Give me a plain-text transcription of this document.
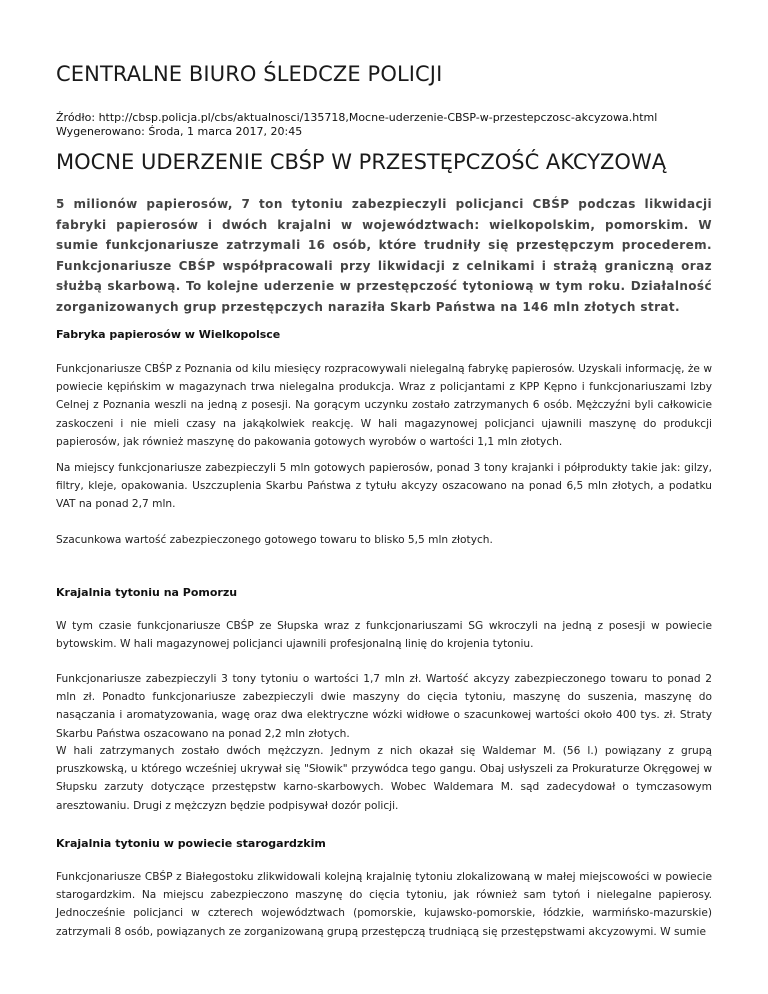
CENTRALNE BIURO ŚLEDCZE POLICJI
Źródło: http://cbsp.policja.pl/cbs/aktualnosci/135718,Mocne-uderzenie-CBSP-w-przestepczosc-akcyzowa.html
Wygenerowano: Środa, 1 marca 2017, 20:45
MOCNE UDERZENIE CBŚP W PRZESTĘPCZOŚĆ AKCYZOWĄ
5 milionów papierosów, 7 ton tytoniu zabezpieczyli policjanci CBŚP podczas likwidacji fabryki papierosów i dwóch krajalni w województwach: wielkopolskim, pomorskim. W sumie funkcjonariusze zatrzymali 16 osób, które trudniły się przestępczym procederem. Funkcjonariusze CBŚP współpracowali przy likwidacji z celnikami i strażą graniczną oraz służbą skarbową. To kolejne uderzenie w przestępczość tytoniową w tym roku. Działalność zorganizowanych grup przestępczych naraziła Skarb Państwa na 146 mln złotych strat.
Fabryka papierosów w Wielkopolsce

Funkcjonariusze CBŚP z Poznania od kilu miesięcy rozpracowywali nielegalną fabrykę papierosów. Uzyskali informację, że w powiecie kępińskim w magazynach trwa nielegalna produkcja. Wraz z policjantami z KPP Kępno i funkcjonariuszami Izby Celnej z Poznania weszli na jedną z posesji. Na gorącym uczynku zostało zatrzymanych 6 osób. Mężczyźni byli całkowicie zaskoczeni i nie mieli czasy na jakąkolwiek reakcję. W hali magazynowej policjanci ujawnili maszynę do produkcji papierosów, jak również maszynę do pakowania gotowych wyrobów o wartości 1,1 mln złotych.

Na miejscy funkcjonariusze zabezpieczyli 5 mln gotowych papierosów, ponad 3 tony krajanki i półprodukty takie jak: gilzy, filtry, kleje, opakowania. Uszczuplenia Skarbu Państwa z tytułu akcyzy oszacowano na ponad 6,5 mln złotych, a podatku VAT na ponad 2,7 mln.

Szacunkowa wartość zabezpieczonego gotowego towaru to blisko 5,5 mln złotych.

Krajalnia tytoniu na Pomorzu

W tym czasie funkcjonariusze CBŚP ze Słupska wraz z funkcjonariuszami SG wkroczyli na jedną z posesji w powiecie bytowskim. W hali magazynowej policjanci ujawnili profesjonalną linię do krojenia tytoniu.

Funkcjonariusze zabezpieczyli 3 tony tytoniu o wartości 1,7 mln zł. Wartość akcyzy zabezpieczonego towaru to ponad 2 mln zł. Ponadto funkcjonariusze zabezpieczyli dwie maszyny do cięcia tytoniu, maszynę do suszenia, maszynę do nasączania i aromatyzowania, wagę oraz dwa elektryczne wózki widłowe o szacunkowej wartości około 400 tys. zł. Straty Skarbu Państwa oszacowano na ponad 2,2 mln złotych.

W hali zatrzymanych zostało dwóch mężczyzn. Jednym z nich okazał się Waldemar M. (56 l.) powiązany z grupą pruszkowską, u którego wcześniej ukrywał się "Słowik" przywódca tego gangu. Obaj usłyszeli za Prokuraturze Okręgowej w Słupsku zarzuty dotyczące przestępstw karno-skarbowych. Wobec Waldemara M. sąd zadecydował o tymczasowym aresztowaniu. Drugi z mężczyzn będzie podpisywał dozór policji.

Krajalnia tytoniu w powiecie starogardzkim

Funkcjonariusze CBŚP z Białegostoku zlikwidowali kolejną krajalnię tytoniu zlokalizowaną w małej miejscowości w powiecie starogardzkim. Na miejscu zabezpieczono maszynę do cięcia tytoniu, jak również sam tytoń i nielegalne papierosy. Jednocześnie policjanci w czterech województwach (pomorskie, kujawsko-pomorskie, łódzkie, warmińsko-mazurskie) zatrzymali 8 osób, powiązanych ze zorganizowaną grupą przestępczą trudniącą się przestępstwami akcyzowymi. W sumie
